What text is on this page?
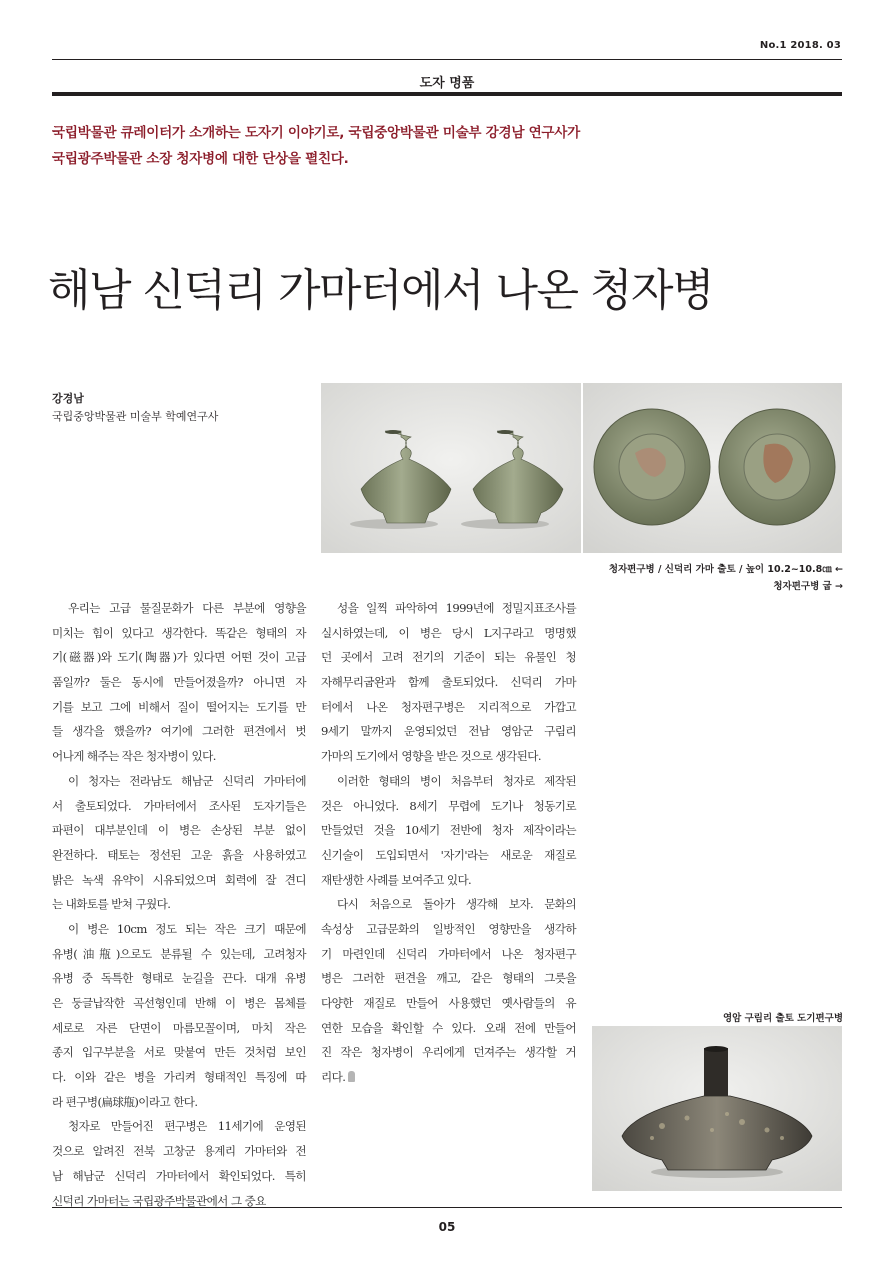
No.1 2018. 03
도자 명품
국립박물관 큐레이터가 소개하는 도자기 이야기로, 국립중앙박물관 미술부 강경남 연구사가
국립광주박물관 소장 청자병에 대한 단상을 펼친다.
해남 신덕리 가마터에서 나온 청자병
강경남
국립중앙박물관 미술부 학예연구사
청자편구병 / 신덕리 가마 출토 / 높이 10.2~10.8㎝ ←
청자편구병 굽 →

우리는 고급 물질문화가 다른 부분에 영향을
미치는 힘이 있다고 생각한다. 똑같은 형태의 자
기(磁器)와 도기(陶器)가 있다면 어떤 것이 고급
품일까? 둘은 동시에 만들어졌을까? 아니면 자
기를 보고 그에 비해서 질이 떨어지는 도기를 만
들 생각을 했을까? 여기에 그러한 편견에서 벗
어나게 해주는 작은 청자병이 있다.

이 청자는 전라남도 해남군 신덕리 가마터에
서 출토되었다. 가마터에서 조사된 도자기들은
파편이 대부분인데 이 병은 손상된 부분 없이
완전하다. 태토는 정선된 고운 흙을 사용하였고
밝은 녹색 유약이 시유되었으며 회력에 잘 견디
는 내화토를 받쳐 구웠다.

이 병은 10cm 정도 되는 작은 크기 때문에
유병(油甁)으로도 분류될 수 있는데, 고려청자
유병 중 독특한 형태로 눈길을 끈다. 대개 유병
은 둥글납작한 곡선형인데 반해 이 병은 몸체를
세로로 자른 단면이 마름모꼴이며, 마치 작은
종지 입구부분을 서로 맞붙여 만든 것처럼 보인
다. 이와 같은 병을 가리켜 형태적인 특징에 따
라 편구병(扁球甁)이라고 한다.

청자로 만들어진 편구병은 11세기에 운영된
것으로 알려진 전북 고창군 용계리 가마터와 전
남 해남군 신덕리 가마터에서 확인되었다. 특히
신덕리 가마터는 국립광주박물관에서 그 중요

성을 일찍 파악하여 1999년에 정밀지표조사를
실시하였는데, 이 병은 당시 L지구라고 명명했
던 곳에서 고려 전기의 기준이 되는 유물인 청
자해무리굽완과 함께 출토되었다. 신덕리 가마
터에서 나온 청자편구병은 지리적으로 가깝고
9세기 말까지 운영되었던 전남 영암군 구림리
가마의 도기에서 영향을 받은 것으로 생각된다.

이러한 형태의 병이 처음부터 청자로 제작된
것은 아니었다. 8세기 무렵에 도기나 청동기로
만들었던 것을 10세기 전반에 청자 제작이라는
신기술이 도입되면서 '자기'라는 새로운 재질로
재탄생한 사례를 보여주고 있다.

다시 처음으로 돌아가 생각해 보자. 문화의
속성상 고급문화의 일방적인 영향만을 생각하
기 마련인데 신덕리 가마터에서 나온 청자편구
병은 그러한 편견을 깨고, 같은 형태의 그릇을
다양한 재질로 만들어 사용했던 옛사람들의 유
연한 모습을 확인할 수 있다. 오래 전에 만들어
진 작은 청자병이 우리에게 던져주는 생각할 거
리다.

영암 구림리 출토 도기편구병
05
